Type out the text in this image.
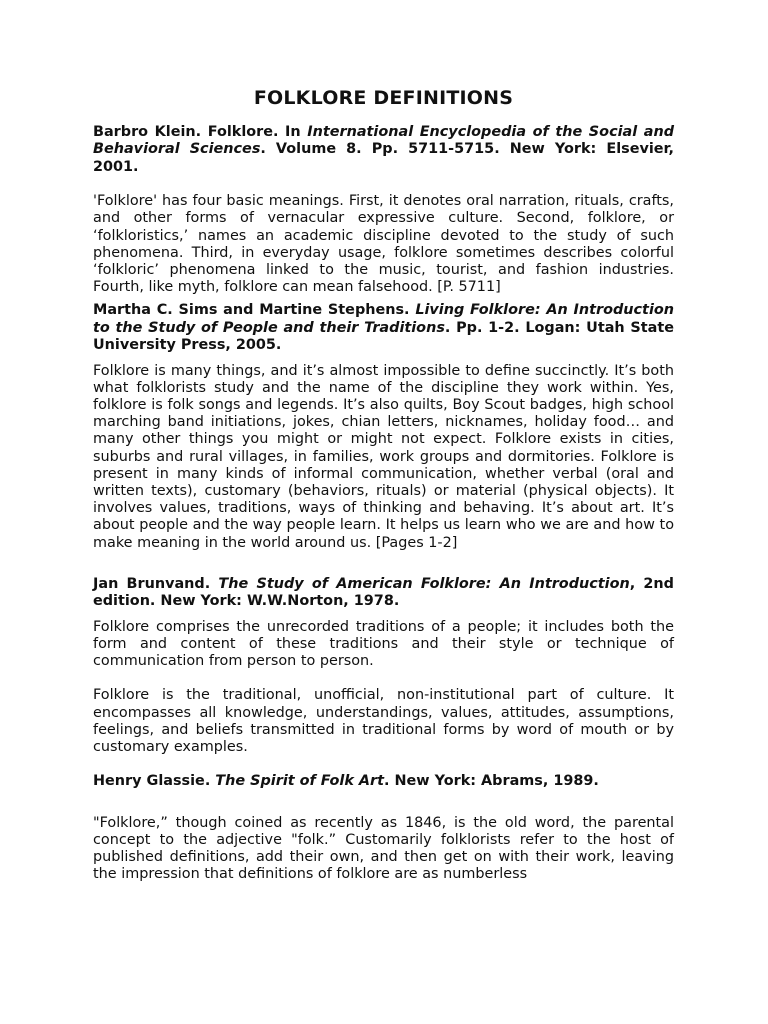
FOLKLORE DEFINITIONS

Barbro Klein. Folklore. In International Encyclopedia of the Social and Behavioral Sciences. Volume 8. Pp. 5711-5715. New York: Elsevier, 2001.

'Folklore' has four basic meanings. First, it denotes oral narration, rituals, crafts, and other forms of vernacular expressive culture. Second, folklore, or ‘folkloristics,’ names an academic discipline devoted to the study of such phenomena. Third, in everyday usage, folklore sometimes describes colorful ‘folkloric’ phenomena linked to the music, tourist, and fashion industries. Fourth, like myth, folklore can mean falsehood. [P. 5711]

Martha C. Sims and Martine Stephens. Living Folklore: An Introduction to the Study of People and their Traditions. Pp. 1-2. Logan: Utah State University Press, 2005.

Folklore is many things, and it’s almost impossible to define succinctly. It’s both what folklorists study and the name of the discipline they work within. Yes, folklore is folk songs and legends. It’s also quilts, Boy Scout badges, high school marching band initiations, jokes, chian letters, nicknames, holiday food… and many other things you might or might not expect. Folklore exists in cities, suburbs and rural villages, in families, work groups and dormitories. Folklore is present in many kinds of informal communication, whether verbal (oral and written texts), customary (behaviors, rituals) or material (physical objects). It involves values, traditions, ways of thinking and behaving. It’s about art. It’s about people and the way people learn. It helps us learn who we are and how to make meaning in the world around us. [Pages 1-2]

Jan Brunvand. The Study of American Folklore: An Introduction, 2nd edition. New York: W.W.Norton, 1978.

Folklore comprises the unrecorded traditions of a people; it includes both the form and content of these traditions and their style or technique of communication from person to person.

Folklore is the traditional, unofficial, non-institutional part of culture. It encompasses all knowledge, understandings, values, attitudes, assumptions, feelings, and beliefs transmitted in traditional forms by word of mouth or by customary examples.

Henry Glassie. The Spirit of Folk Art. New York: Abrams, 1989.

"Folklore,” though coined as recently as 1846, is the old word, the parental concept to the adjective "folk.” Customarily folklorists refer to the host of published definitions, add their own, and then get on with their work, leaving the impression that definitions of folklore are as numberless
